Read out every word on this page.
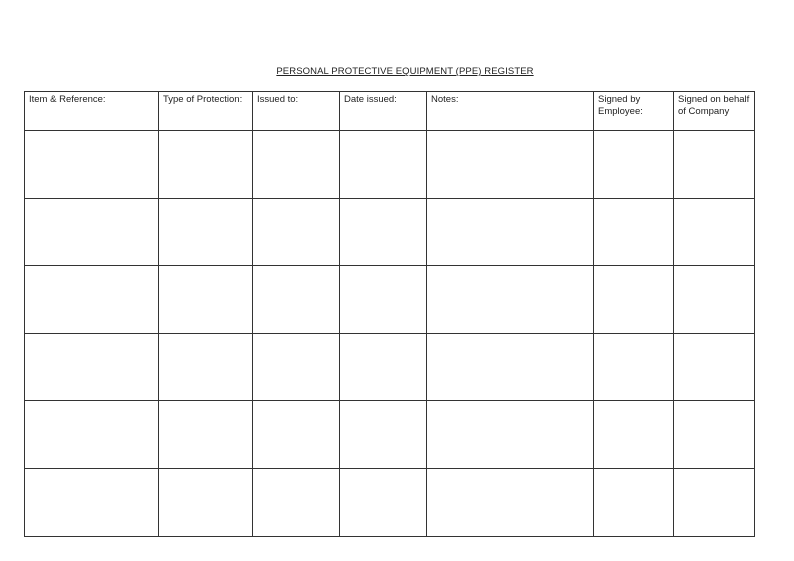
PERSONAL PROTECTIVE EQUIPMENT (PPE) REGISTER
Item & Reference:	Type of Protection:	Issued to:	Date issued:	Notes:	Signed by Employee:	Signed on behalf of Company
